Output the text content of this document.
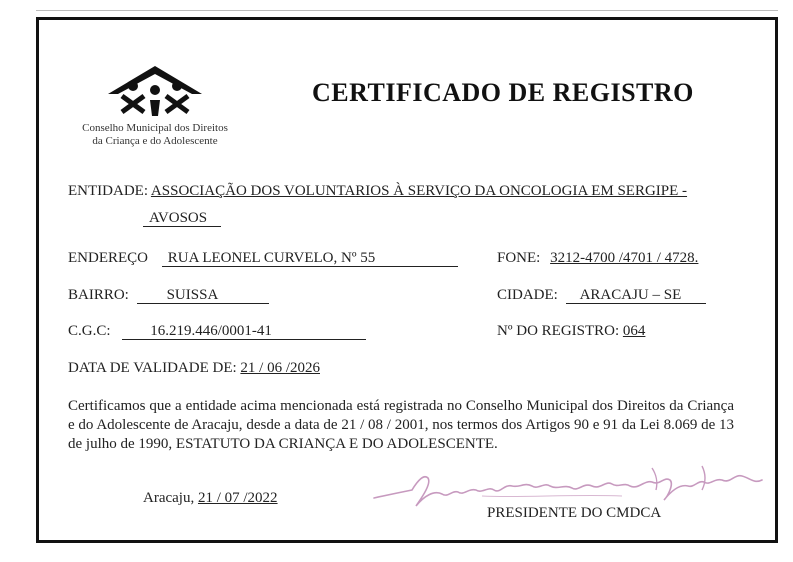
Conselho Municipal dos Direitos
da Criança e do Adolescente
CERTIFICADO DE REGISTRO
ENTIDADE: ASSOCIAÇÃO DOS VOLUNTARIOS À SERVIÇO DA ONCOLOGIA EM SERGIPE -
AVOSOS
ENDEREÇO RUA LEONEL CURVELO, Nº 55	FONE: 3212-4700 /4701 / 4728.
BAIRRO:	SUISSA	CIDADE: ARACAJU – SE
C.G.C:	16.219.446/0001-41	Nº DO REGISTRO: 064
DATA DE VALIDADE DE: 21 / 06 /2026
Certificamos que a entidade acima mencionada está registrada no Conselho Municipal dos Direitos da Criança e do Adolescente de Aracaju, desde a data de 21 / 08 / 2001, nos termos dos Artigos 90 e 91 da Lei 8.069 de 13 de julho de 1990, ESTATUTO DA CRIANÇA E DO ADOLESCENTE.
Aracaju, 21 / 07 /2022
PRESIDENTE DO CMDCA
